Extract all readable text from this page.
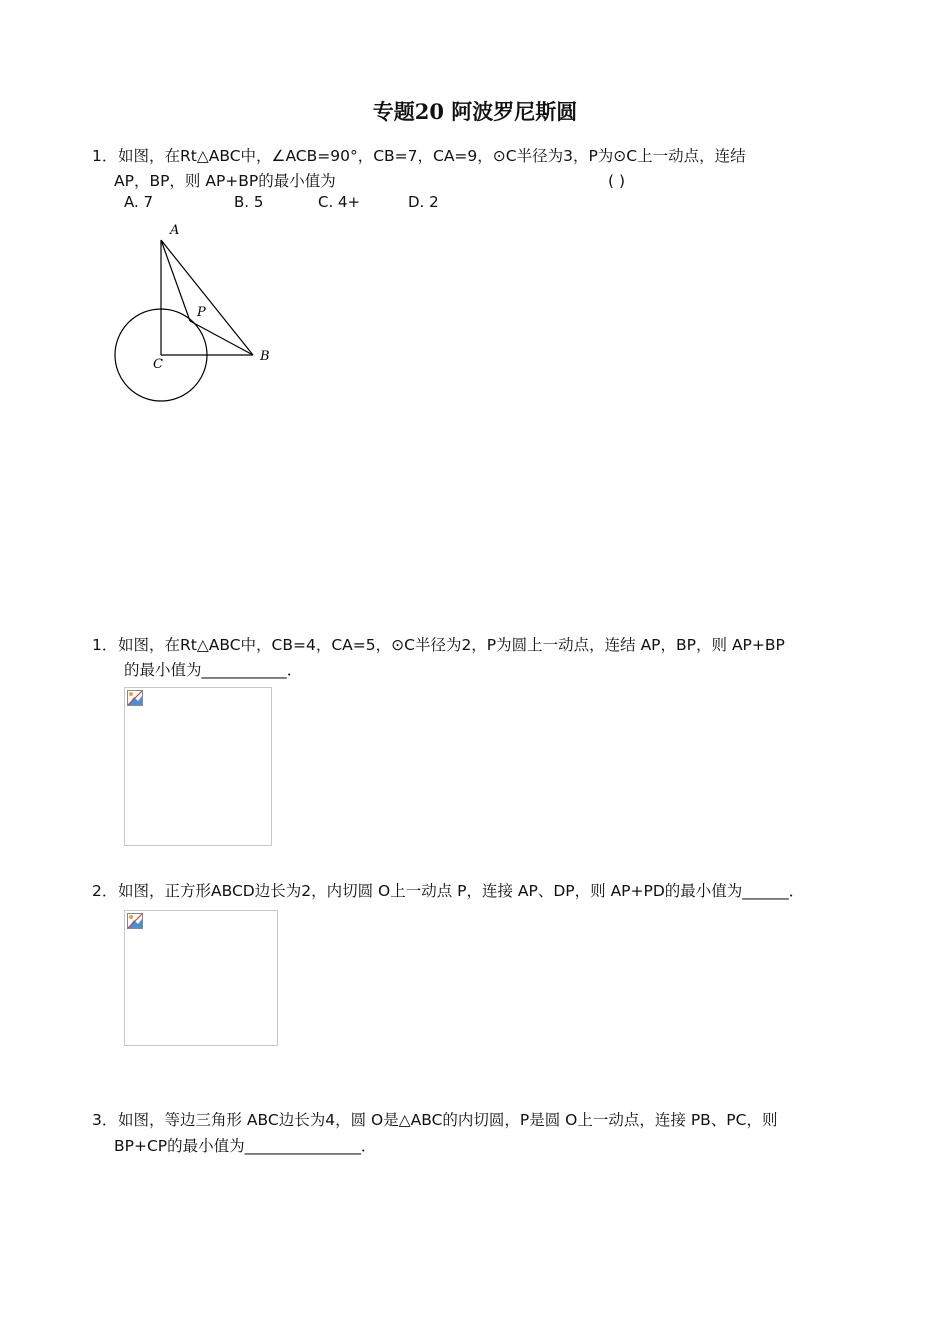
专题20 阿波罗尼斯圆
1．如图，在Rt△ABC中，∠ACB=90°，CB=7，CA=9，⊙C半径为3，P为⊙C上一动点，连结
AP，BP，则 AP+BP的最小值为	( )
A. 7	B. 5	C. 4+	D. 2
A
B
C
P
1．如图，在Rt△ABC中，CB=4，CA=5，⊙C半径为2，P为圆上一动点，连结 AP，BP，则 AP+BP
的最小值为___________．
2．如图，正方形ABCD边长为2，内切圆 O上一动点 P，连接 AP、DP，则 AP+PD的最小值为______．
3．如图，等边三角形 ABC边长为4，圆 O是△ABC的内切圆，P是圆 O上一动点，连接 PB、PC，则
BP+CP的最小值为_______________．
